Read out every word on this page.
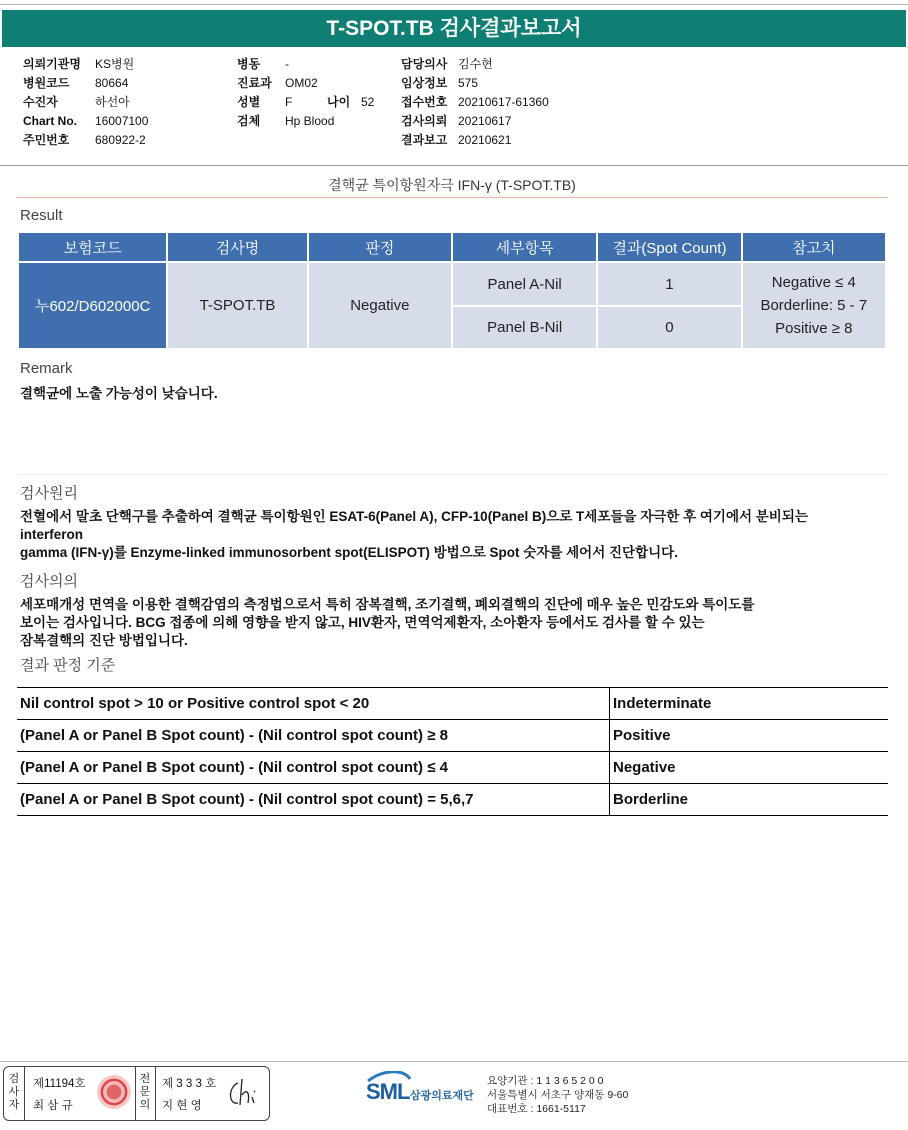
T-SPOT.TB 검사결과보고서
의뢰기관명	KS병원
병원코드	80664
수진자	하선아
Chart No.	16007100
주민번호	680922-2
병동	-
진료과	OM02
성별	F	나이 52
검체	Hp Blood
담당의사 김수현
임상정보 575
접수번호 20210617-61360
검사의뢰 20210617
결과보고 20210621
결핵균 특이항원자극 IFN-γ (T-SPOT.TB)
Result
보험코드	검사명	판정	세부항목	결과(Spot Count)	참고치

누602/D602000C	T-SPOT.TB	Negative	Panel A-Nil	1	Negative ≤ 4
Borderline: 5 - 7
Positive ≥ 8

			Panel B-Nil	0	
Remark
결핵균에 노출 가능성이 낮습니다.
검사원리
전혈에서 말초 단핵구를 추출하여 결핵균 특이항원인 ESAT-6(Panel A), CFP-10(Panel B)으로 T세포들을 자극한 후 여기에서 분비되는
interferon
gamma (IFN-γ)를 Enzyme-linked immunosorbent spot(ELISPOT) 방법으로 Spot 숫자를 세어서 진단합니다.
검사의의
세포매개성 면역을 이용한 결핵감염의 측정법으로서 특히 잠복결핵, 조기결핵, 폐외결핵의 진단에 매우 높은 민감도와 특이도를
보이는 검사입니다. BCG 접종에 의해 영향을 받지 않고, HIV환자, 면역억제환자, 소아환자 등에서도 검사를 할 수 있는
잠복결핵의 진단 방법입니다.
결과 판정 기준
Nil control spot > 10 or Positive control spot < 20	Indeterminate
(Panel A or Panel B Spot count) - (Nil control spot count) ≥ 8	Positive
(Panel A or Panel B Spot count) - (Nil control spot count) ≤ 4	Negative
(Panel A or Panel B Spot count) - (Nil control spot count) = 5,6,7	Borderline
검
사
자
제11194호
최 삼 규
전
문
의
제 3 3 3 호
지 현 영
SML 삼광의료재단
요양기관 : 1 1 3 6 5 2 0 0
서울특별시 서초구 양재동 9-60
대표번호 : 1661-5117
